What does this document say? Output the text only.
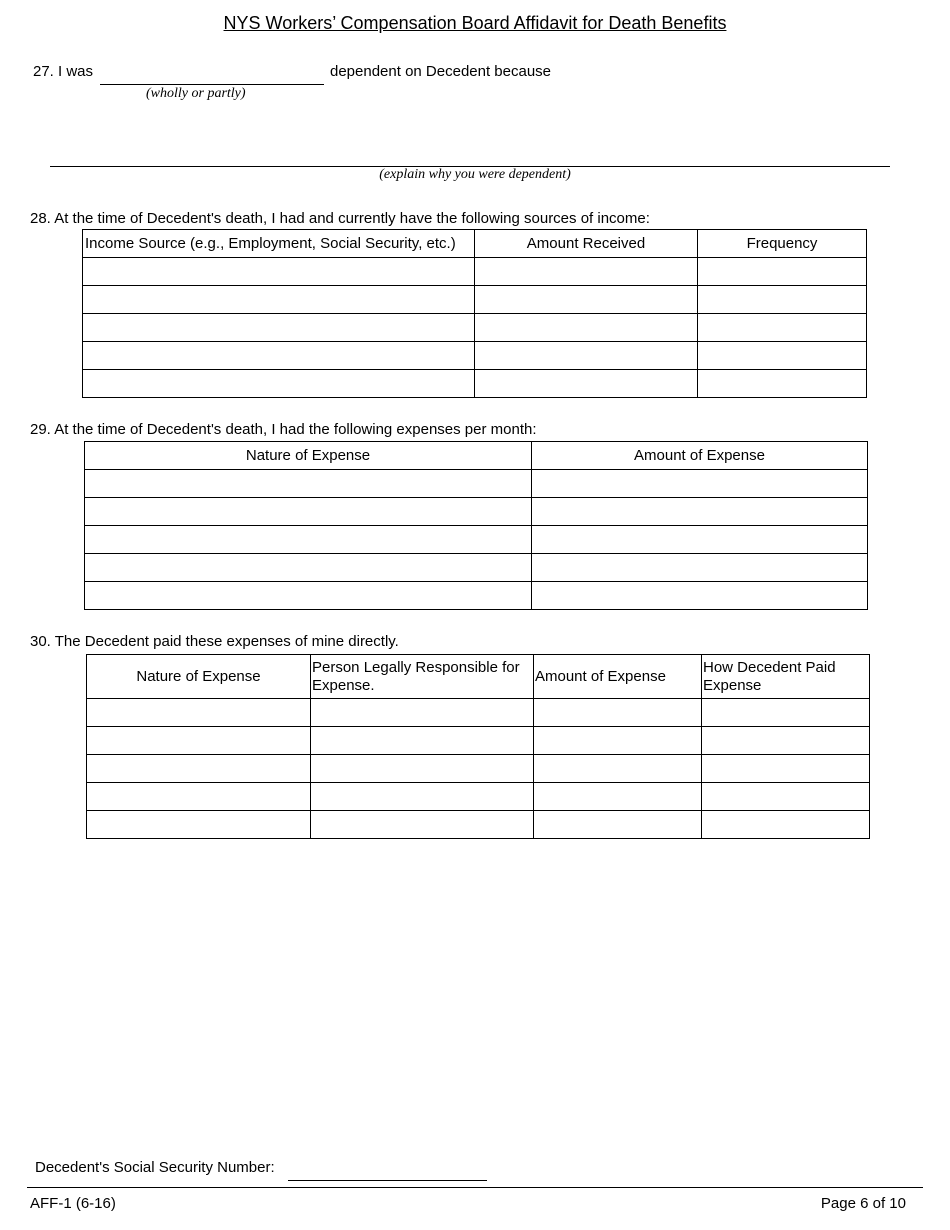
NYS Workers’ Compensation Board Affidavit for Death Benefits
27. I was	dependent on Decedent because
(wholly or partly)
(explain why you were dependent)
28. At the time of Decedent's death, I had and currently have the following sources of income:
Income Source (e.g., Employment, Social Security, etc.)	Amount Received	Frequency

29. At the time of Decedent's death, I had the following expenses per month:
Nature of Expense	Amount of Expense

30. The Decedent paid these expenses of mine directly.
Nature of Expense	Person Legally Responsible for Expense.	Amount of Expense	How Decedent Paid Expense

Decedent's Social Security Number:
AFF-1 (6-16)	Page 6 of 10
